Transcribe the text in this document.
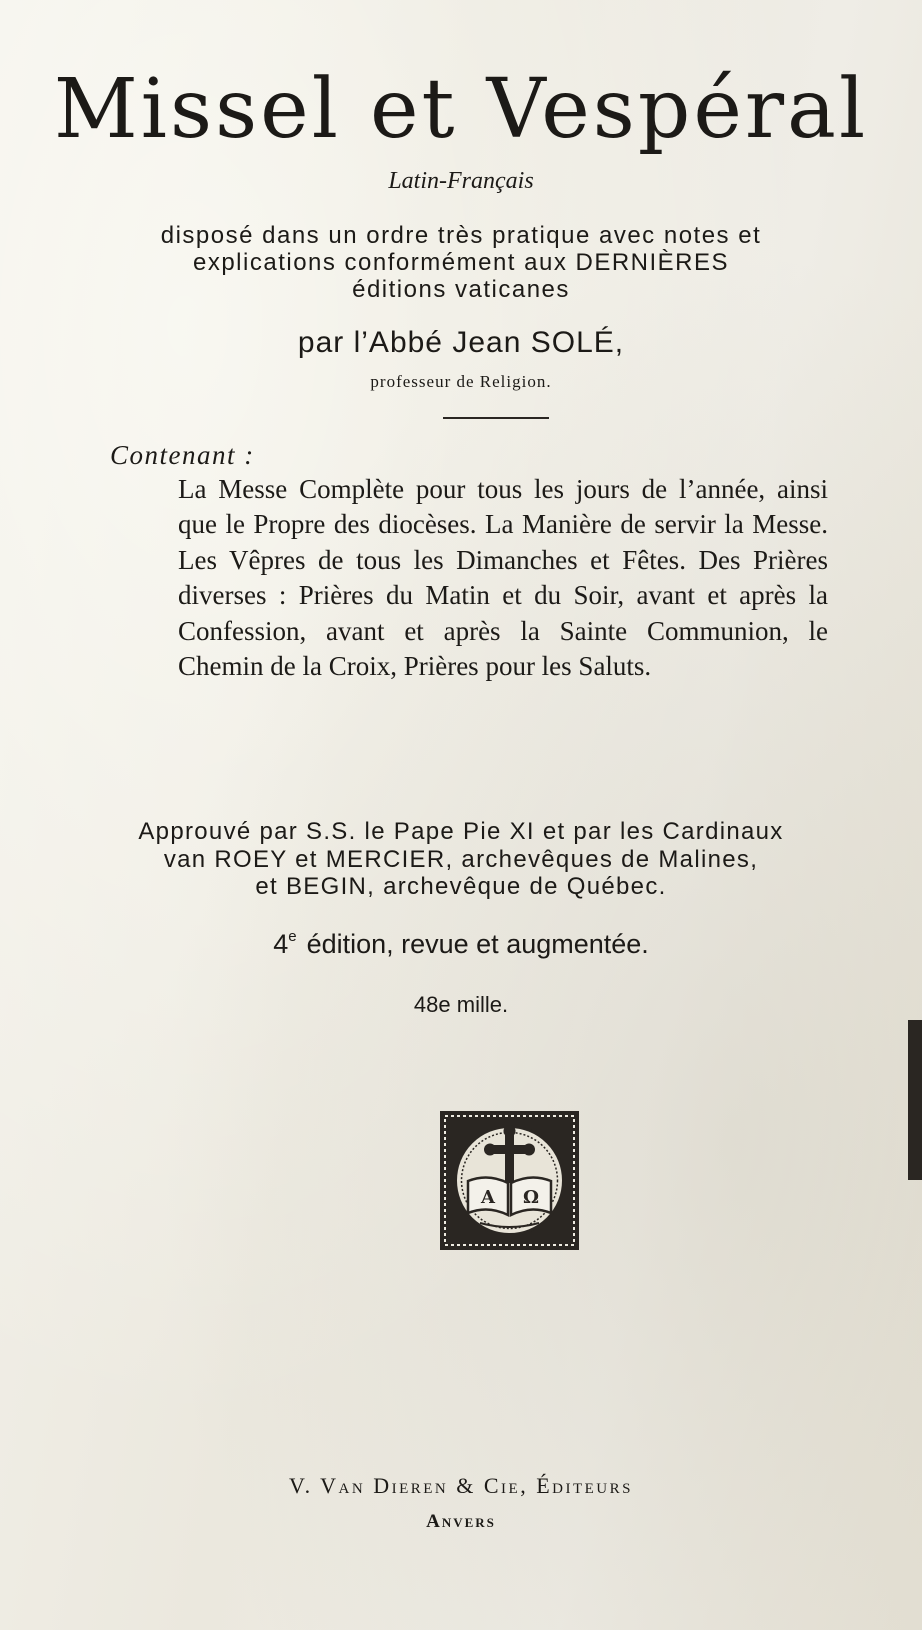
Missel et Vespéral
Latin-Français
disposé dans un ordre très pratique avec notes et
explications conformément aux DERNIÈRES
éditions vaticanes
par l’Abbé Jean SOLÉ,
professeur de Religion.
Contenant :
La Messe Complète pour tous les jours de l’année, ainsi que le Propre des diocèses. La Manière de servir la Messe. Les Vêpres de tous les Dimanches et Fêtes. Des Prières diverses : Prières du Matin et du Soir, avant et après la Confession, avant et après la Sainte Communion, le Chemin de la Croix, Prières pour les Saluts.
Approuvé par S.S. le Pape Pie XI et par les Cardinaux
van ROEY et MERCIER, archevêques de Malines,
et BEGIN, archevêque de Québec.
4e édition, revue et augmentée.
48e mille.
A Ω
V. Van Dieren & Cie, Éditeurs
Anvers
